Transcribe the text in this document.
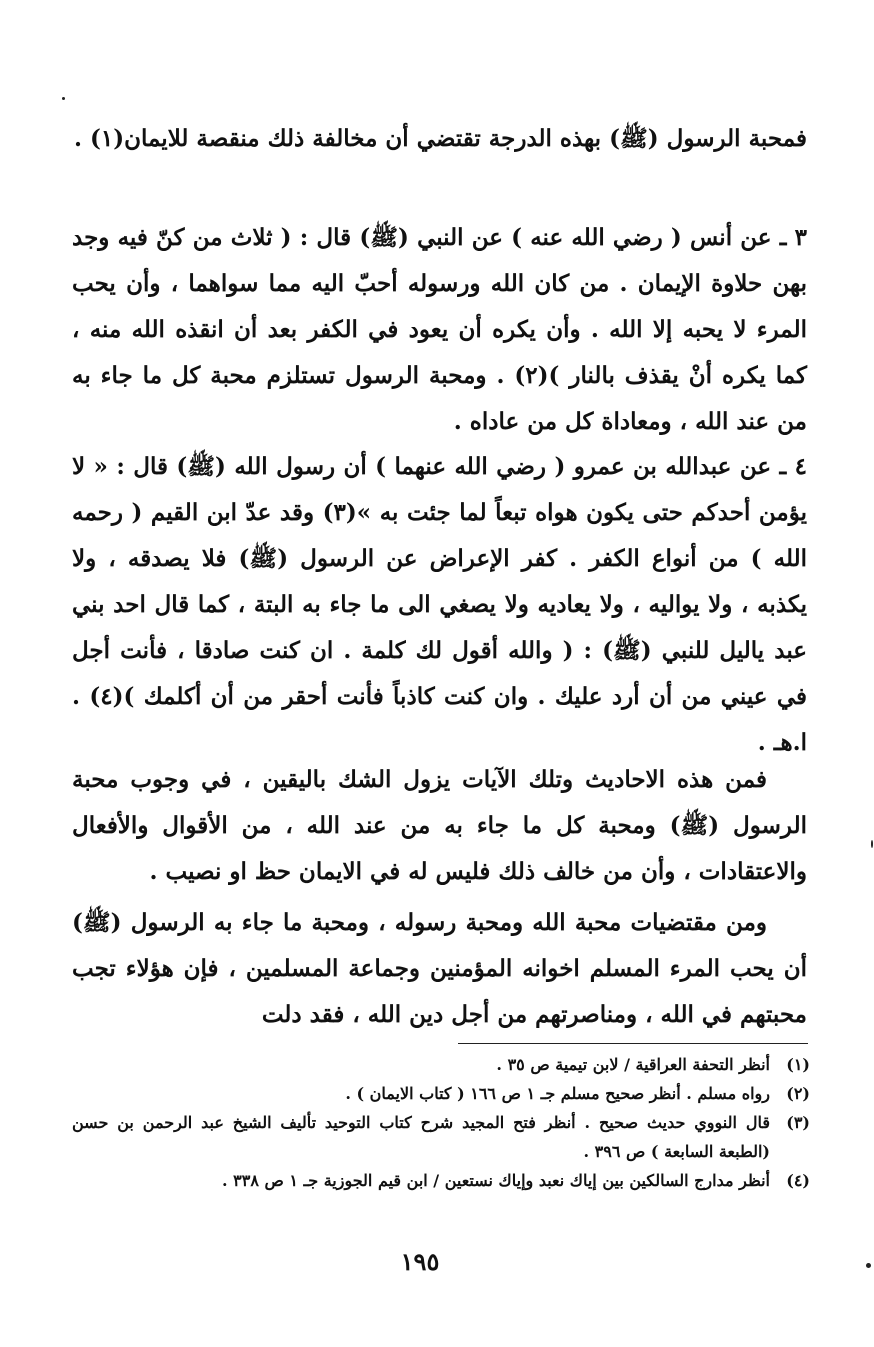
فمحبة الرسول (ﷺ) بهذه الدرجة تقتضي أن مخالفة ذلك منقصة للايمان(١) .
٣ ـ عن أنس ( رضي الله عنه ) عن النبي (ﷺ) قال : ( ثلاث من كنّ فيه وجد بهن حلاوة الإيمان . من كان الله ورسوله أحبّ اليه مما سواهما ، وأن يحب المرء لا يحبه إلا الله . وأن يكره أن يعود في الكفر بعد أن انقذه الله منه ، كما يكره أنْ يقذف بالنار )(٢) . ومحبة الرسول تستلزم محبة كل ما جاء به من عند الله ، ومعاداة كل من عاداه .
٤ ـ عن عبدالله بن عمرو ( رضي الله عنهما ) أن رسول الله (ﷺ) قال : « لا يؤمن أحدكم حتى يكون هواه تبعاً لما جئت به »(٣) وقد عدّ ابن القيم ( رحمه الله ) من أنواع الكفر . كفر الإعراض عن الرسول (ﷺ) فلا يصدقه ، ولا يكذبه ، ولا يواليه ، ولا يعاديه ولا يصغي الى ما جاء به البتة ، كما قال احد بني عبد ياليل للنبي (ﷺ) : ( والله أقول لك كلمة . ان كنت صادقا ، فأنت أجل في عيني من أن أرد عليك . وان كنت كاذباً فأنت أحقر من أن أكلمك )(٤) . ا.هـ .
فمن هذه الاحاديث وتلك الآيات يزول الشك باليقين ، في وجوب محبة الرسول (ﷺ) ومحبة كل ما جاء به من عند الله ، من الأقوال والأفعال والاعتقادات ، وأن من خالف ذلك فليس له في الايمان حظ او نصيب .
ومن مقتضيات محبة الله ومحبة رسوله ، ومحبة ما جاء به الرسول (ﷺ) أن يحب المرء المسلم اخوانه المؤمنين وجماعة المسلمين ، فإن هؤلاء تجب محبتهم في الله ، ومناصرتهم من أجل دين الله ، فقد دلت
(١)
أنظر التحفة العراقية / لابن تيمية ص ٣٥ .
(٢)
رواه مسلم . أنظر صحيح مسلم جـ ١ ص ١٦٦ ( كتاب الايمان ) .
(٣)
قال النووي حديث صحيح . أنظر فتح المجيد شرح كتاب التوحيد تأليف الشيخ عبد الرحمن بن حسن (الطبعة السابعة ) ص ٣٩٦ .
(٤)
أنظر مدارج السالكين بين إياك نعبد وإياك نستعين / ابن قيم الجوزية جـ ١ ص ٣٣٨ .
١٩٥
